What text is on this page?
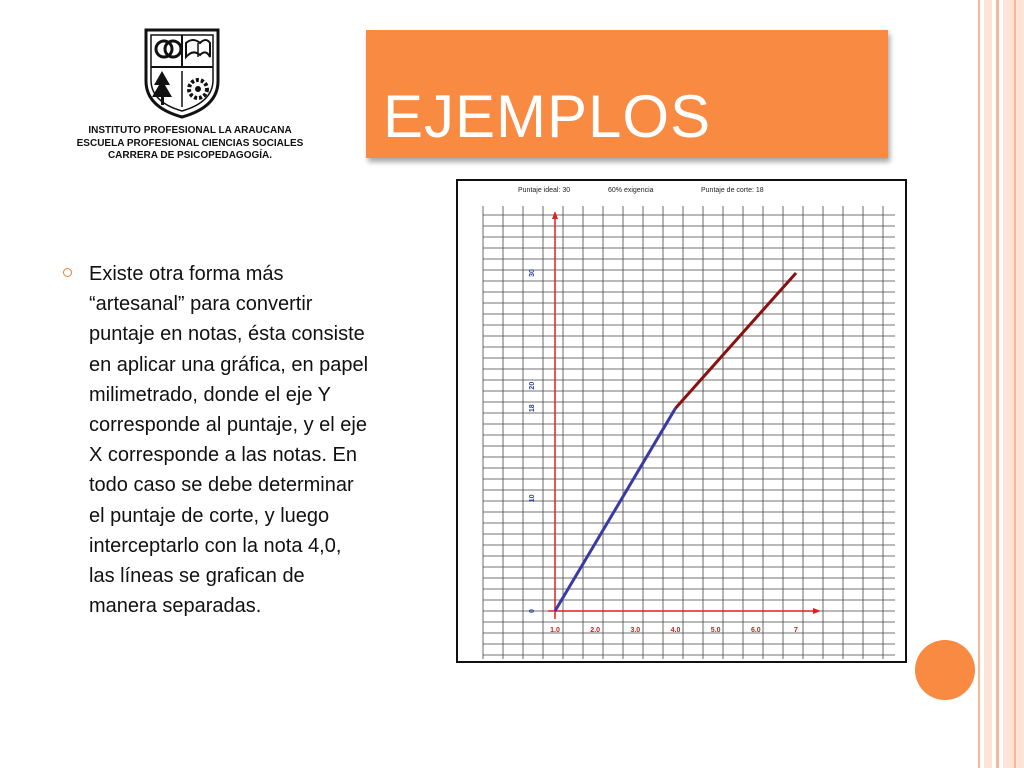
INSTITUTO PROFESIONAL LA ARAUCANA
ESCUELA PROFESIONAL CIENCIAS SOCIALES
CARRERA DE PSICOPEDAGOGÍA.
EJEMPLOS
Existe otra forma más
“artesanal” para convertir
puntaje en notas, ésta consiste
en aplicar una gráfica, en papel
milimetrado, donde el eje Y
corresponde al puntaje, y el eje
X corresponde a las notas. En
todo caso se debe determinar
el puntaje de corte, y luego
interceptarlo con la nota 4,0,
las líneas se grafican de
manera separadas.
1.0	2.0	3.0	4.0	5.0	6.0	7
0
10
18
20
30
Puntaje ideal: 30	60% exigencia	Puntaje de corte: 18
